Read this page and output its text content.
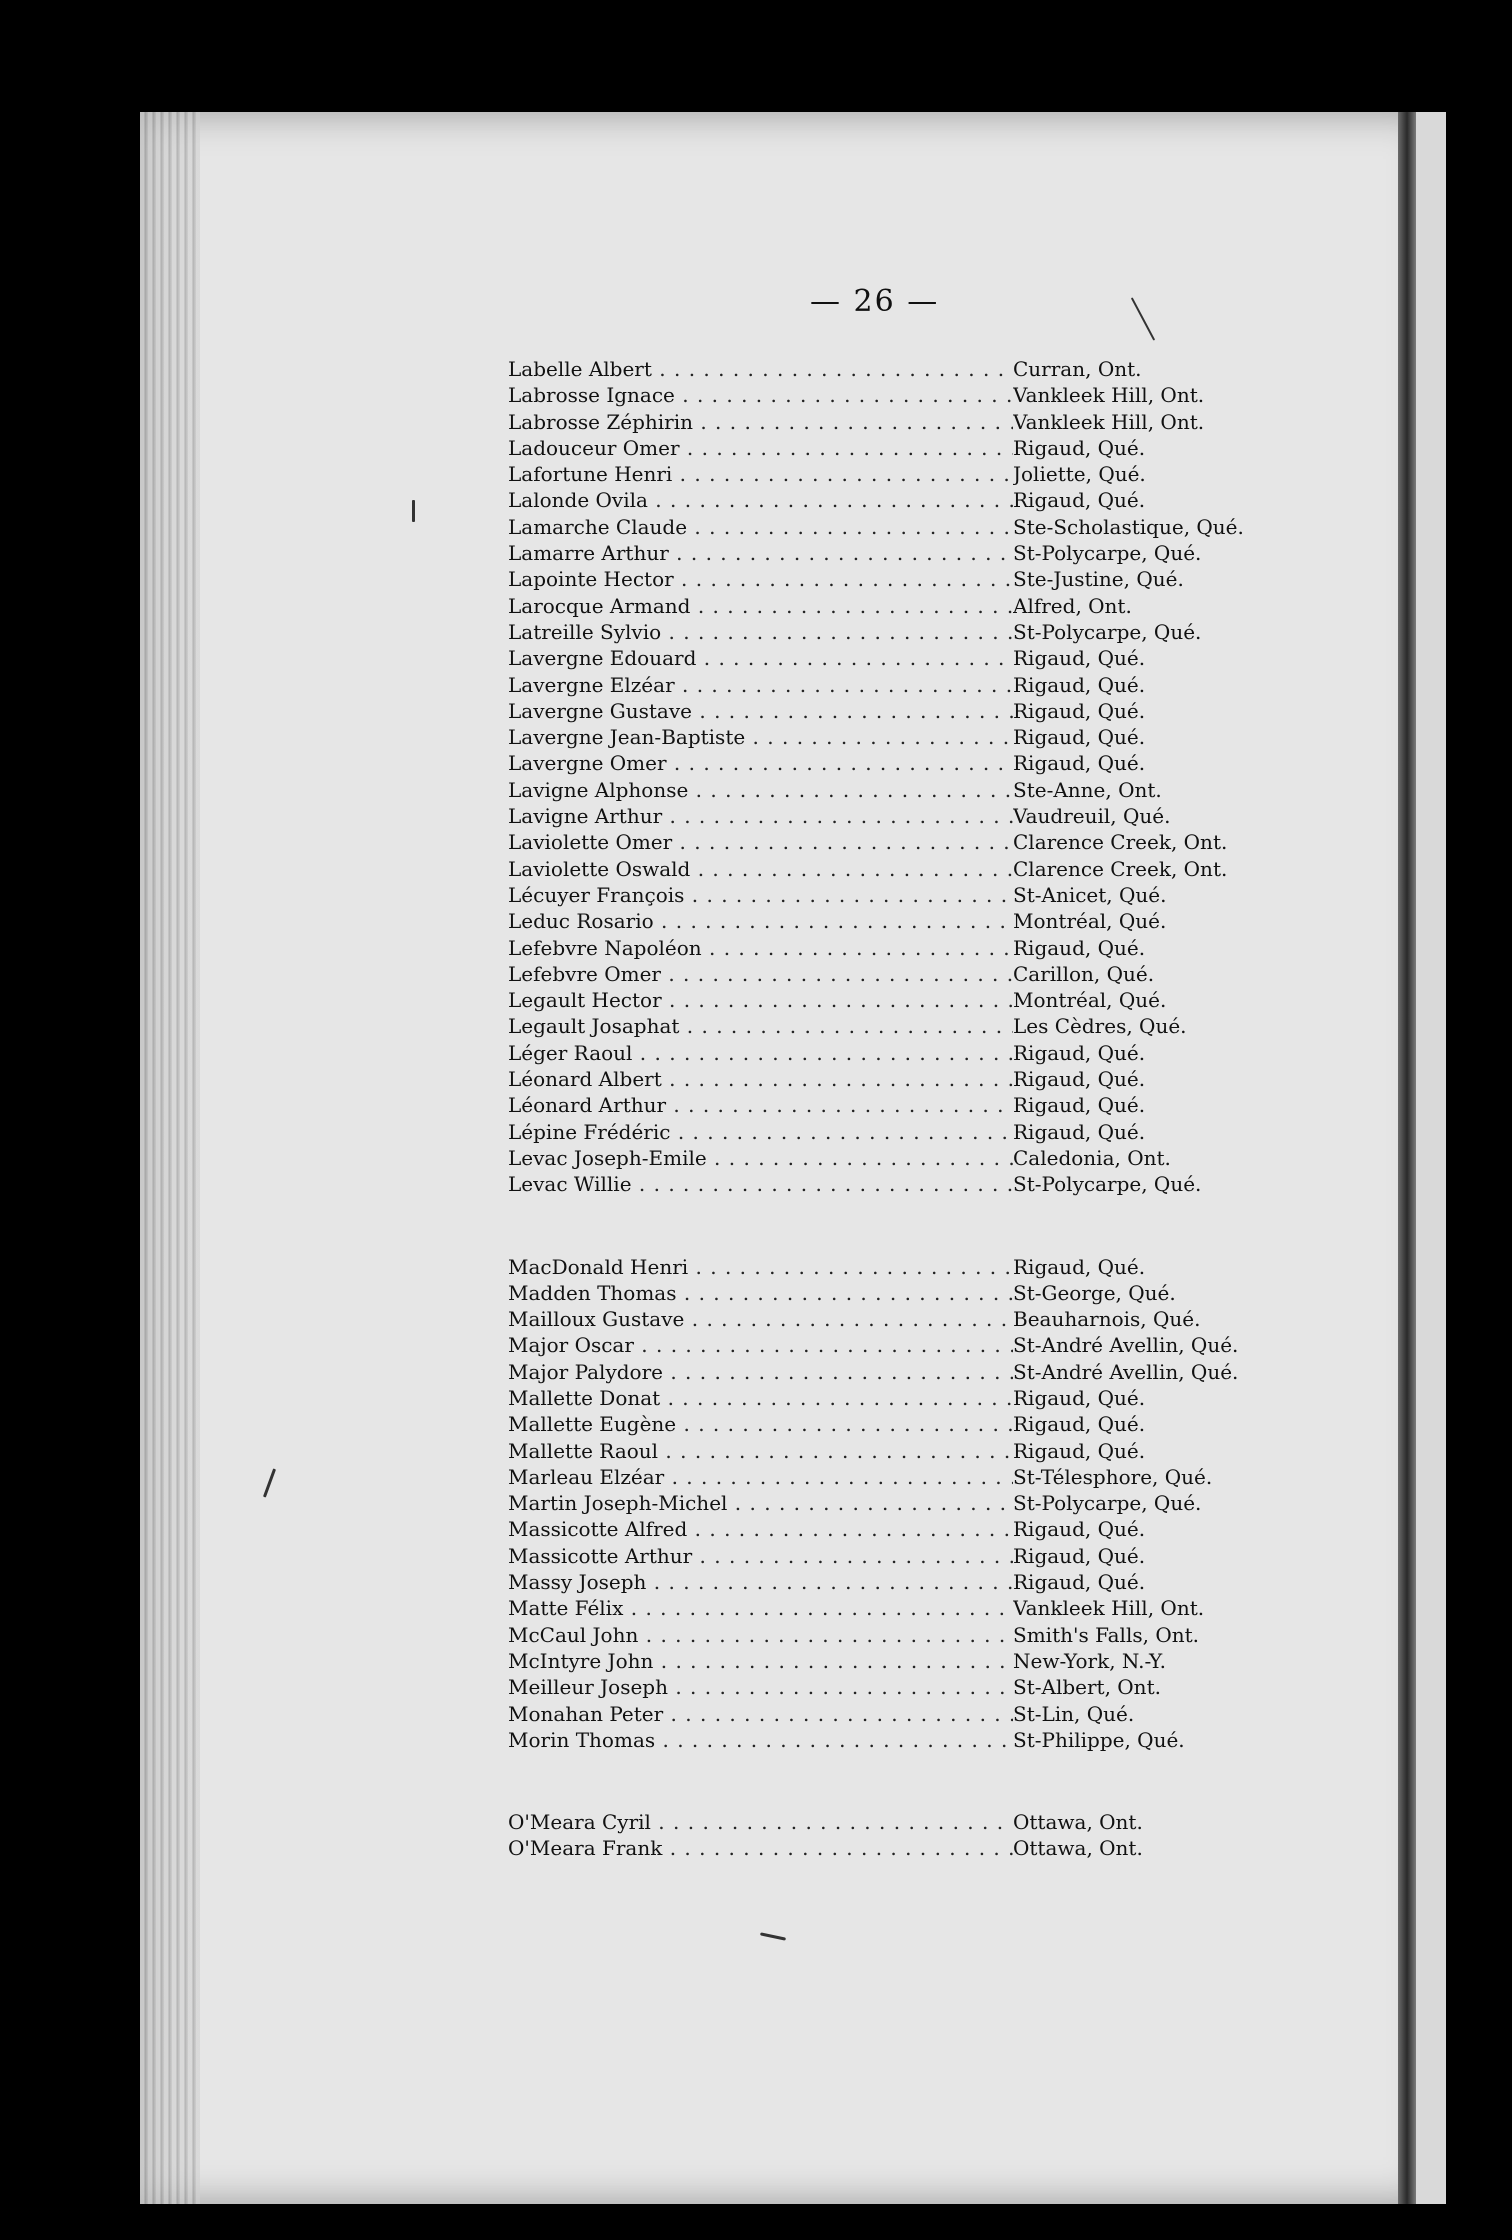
— 26 —
Labelle Albert . . .	Curran, Ont.
Labrosse Ignace . . .	Vankleek Hill, Ont.
Labrosse Zéphirin . . .	Vankleek Hill, Ont.
Ladouceur Omer . . .	Rigaud, Qué.
Lafortune Henri . . .	Joliette, Qué.
Lalonde Ovila . . .	Rigaud, Qué.
Lamarche Claude . . .	Ste-Scholastique, Qué.
Lamarre Arthur . . .	St-Polycarpe, Qué.
Lapointe Hector . . .	Ste-Justine, Qué.
Larocque Armand . . .	Alfred, Ont.
Latreille Sylvio . . .	St-Polycarpe, Qué.
Lavergne Edouard . . .	Rigaud, Qué.
Lavergne Elzéar . . .	Rigaud, Qué.
Lavergne Gustave . . .	Rigaud, Qué.
Lavergne Jean-Baptiste . . .	Rigaud, Qué.
Lavergne Omer . . .	Rigaud, Qué.
Lavigne Alphonse . . .	Ste-Anne, Ont.
Lavigne Arthur . . .	Vaudreuil, Qué.
Laviolette Omer . . .	Clarence Creek, Ont.
Laviolette Oswald . . .	Clarence Creek, Ont.
Lécuyer François . . .	St-Anicet, Qué.
Leduc Rosario . . .	Montréal, Qué.
Lefebvre Napoléon . . .	Rigaud, Qué.
Lefebvre Omer . . .	Carillon, Qué.
Legault Hector . . .	Montréal, Qué.
Legault Josaphat . . .	Les Cèdres, Qué.
Léger Raoul . . .	Rigaud, Qué.
Léonard Albert . . .	Rigaud, Qué.
Léonard Arthur . . .	Rigaud, Qué.
Lépine Frédéric . . .	Rigaud, Qué.
Levac Joseph-Emile . . .	Caledonia, Ont.
Levac Willie . . .	St-Polycarpe, Qué.
MacDonald Henri . . .	Rigaud, Qué.
Madden Thomas . . .	St-George, Qué.
Mailloux Gustave . . .	Beauharnois, Qué.
Major Oscar . . .	St-André Avellin, Qué.
Major Palydore . . .	St-André Avellin, Qué.
Mallette Donat . . .	Rigaud, Qué.
Mallette Eugène . . .	Rigaud, Qué.
Mallette Raoul . . .	Rigaud, Qué.
Marleau Elzéar . . .	St-Télesphore, Qué.
Martin Joseph-Michel . . .	St-Polycarpe, Qué.
Massicotte Alfred . . .	Rigaud, Qué.
Massicotte Arthur . . .	Rigaud, Qué.
Massy Joseph . . .	Rigaud, Qué.
Matte Félix . . .	Vankleek Hill, Ont.
McCaul John . . .	Smith's Falls, Ont.
McIntyre John . . .	New-York, N.-Y.
Meilleur Joseph . . .	St-Albert, Ont.
Monahan Peter . . .	St-Lin, Qué.
Morin Thomas . . .	St-Philippe, Qué.
O'Meara Cyril . . .	Ottawa, Ont.
O'Meara Frank . . .	Ottawa, Ont.
